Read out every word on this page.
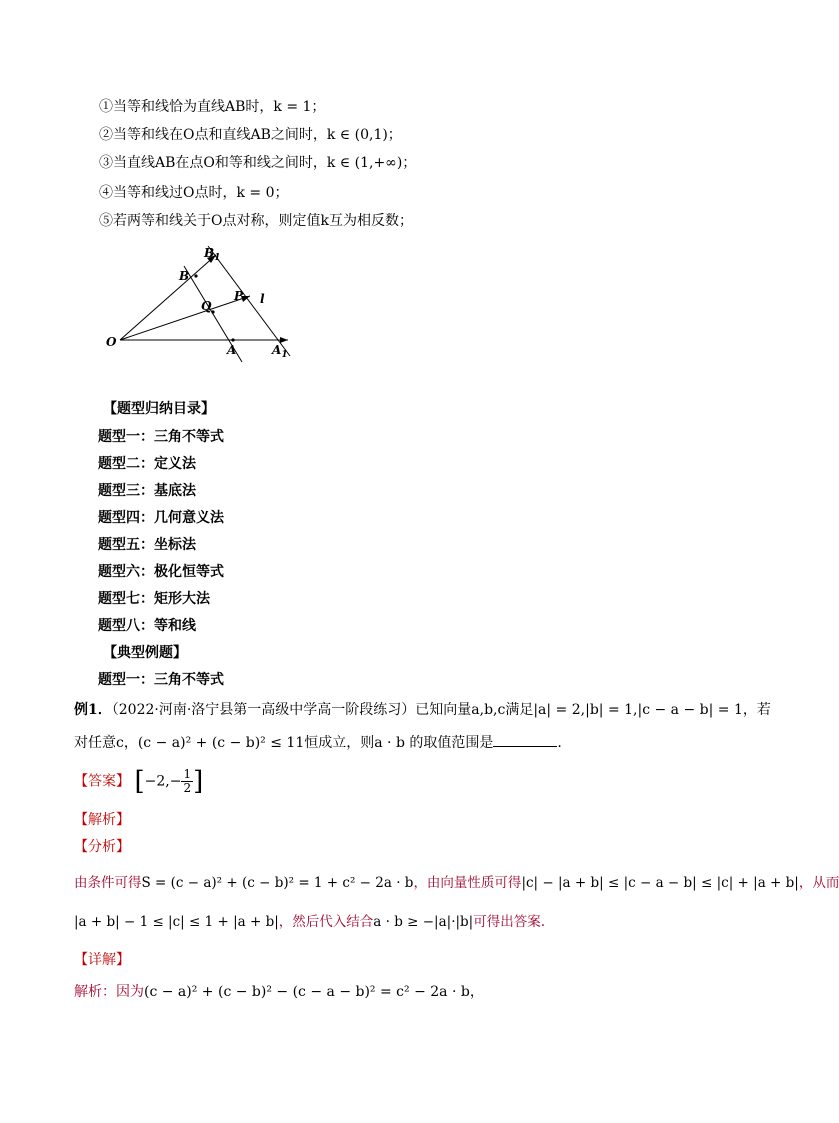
①当等和线恰为直线AB时，k = 1；
②当等和线在O点和直线AB之间时，k ∈ (0,1)；
③当直线AB在点O和等和线之间时，k ∈ (1,+∞)；
④当等和线过O点时，k = 0；
⑤若两等和线关于O点对称，则定值k互为相反数；
$B_1$
B
P l
Q
O
A	$A_1$
【题型归纳目录】
题型一：三角不等式
题型二：定义法
题型三：基底法
题型四：几何意义法
题型五：坐标法
题型六：极化恒等式
题型七：矩形大法
题型八：等和线
【典型例题】
题型一：三角不等式
例1．（2022·河南·洛宁县第一高级中学高一阶段练习）已知向量a,b,c满足|a| = 2,|b| = 1,|c − a − b| = 1，若
对任意c，(c − a)² + (c − b)² ≤ 11恒成立，则a · b 的取值范围是	.
【答案】 [$-2,- \frac{1}{2}$ ]
【解析】
【分析】
由条件可得S = (c − a)² + (c − b)² = 1 + c² − 2a · b，由向量性质可得|c| − |a + b| ≤ |c − a − b| ≤ |c| + |a + b|，从而
|a + b| − 1 ≤ |c| ≤ 1 + |a + b|，然后代入结合a · b ≥ −|a|·|b|可得出答案.
【详解】
解析：因为(c − a)² + (c − b)² − (c − a − b)² = c² − 2a · b，
